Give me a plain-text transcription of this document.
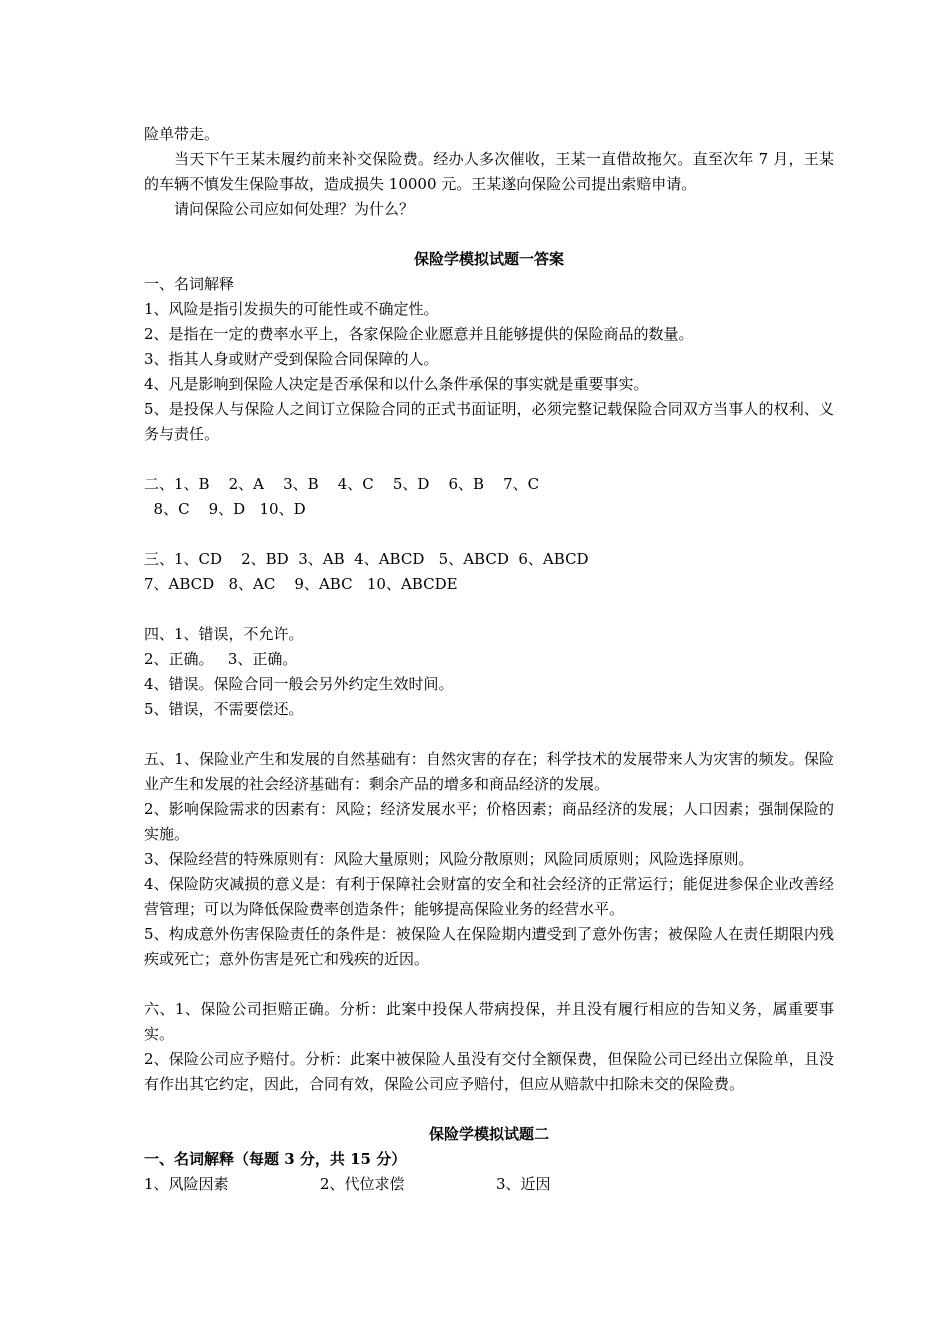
险单带走。

当天下午王某未履约前来补交保险费。经办人多次催收，王某一直借故拖欠。直至次年 7 月，王某的车辆不慎发生保险事故，造成损失 10000 元。王某遂向保险公司提出索赔申请。

请问保险公司应如何处理？为什么？

保险学模拟试题一答案

一、名词解释

1、风险是指引发损失的可能性或不确定性。

2、是指在一定的费率水平上，各家保险企业愿意并且能够提供的保险商品的数量。

3、指其人身或财产受到保险合同保障的人。

4、凡是影响到保险人决定是否承保和以什么条件承保的事实就是重要事实。

5、是投保人与保险人之间订立保险合同的正式书面证明，必须完整记载保险合同双方当事人的权利、义务与责任。

二、1、B    2、A    3、B    4、C    5、D    6、B    7、C

8、C    9、D   10、D

三、1、CD    2、BD  3、AB  4、ABCD   5、ABCD  6、ABCD

7、ABCD   8、AC    9、ABC   10、ABCDE

四、1、错误，不允许。

2、正确。   3、正确。

4、错误。保险合同一般会另外约定生效时间。

5、错误，不需要偿还。

五、1、保险业产生和发展的自然基础有：自然灾害的存在；科学技术的发展带来人为灾害的频发。保险业产生和发展的社会经济基础有：剩余产品的增多和商品经济的发展。

2、影响保险需求的因素有：风险；经济发展水平；价格因素；商品经济的发展；人口因素；强制保险的实施。

3、保险经营的特殊原则有：风险大量原则；风险分散原则；风险同质原则；风险选择原则。

4、保险防灾减损的意义是：有利于保障社会财富的安全和社会经济的正常运行；能促进参保企业改善经营管理；可以为降低保险费率创造条件；能够提高保险业务的经营水平。

5、构成意外伤害保险责任的条件是：被保险人在保险期内遭受到了意外伤害；被保险人在责任期限内残疾或死亡；意外伤害是死亡和残疾的近因。

六、1、保险公司拒赔正确。分析：此案中投保人带病投保，并且没有履行相应的告知义务，属重要事实。

2、保险公司应予赔付。分析：此案中被保险人虽没有交付全额保费，但保险公司已经出立保险单，且没有作出其它约定，因此，合同有效，保险公司应予赔付，但应从赔款中扣除未交的保险费。

保险学模拟试题二

一、名词解释（每题 3 分，共 15 分）

1、风险因素	2、代位求偿	3、近因
